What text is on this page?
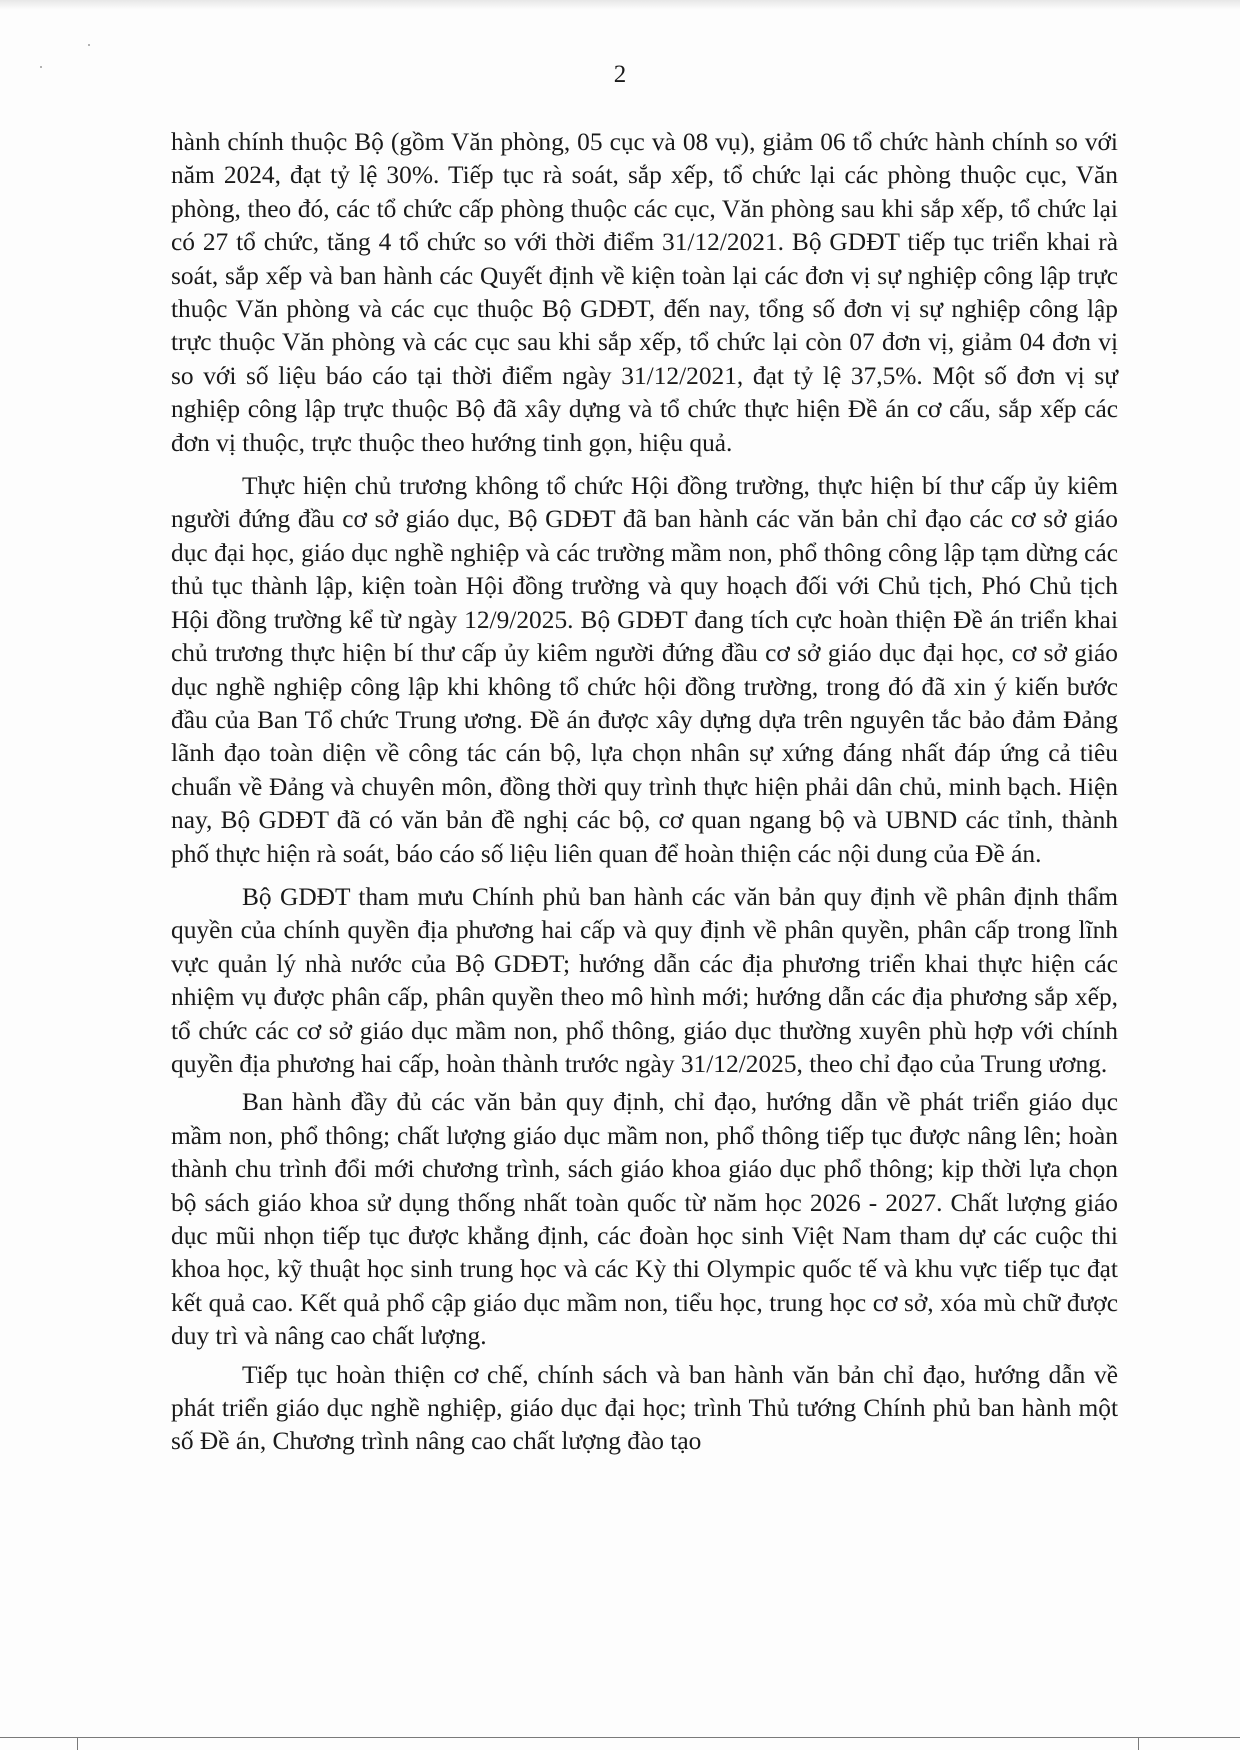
2

hành chính thuộc Bộ (gồm Văn phòng, 05 cục và 08 vụ), giảm 06 tổ chức hành chính so với năm 2024, đạt tỷ lệ 30%. Tiếp tục rà soát, sắp xếp, tổ chức lại các phòng thuộc cục, Văn phòng, theo đó, các tổ chức cấp phòng thuộc các cục, Văn phòng sau khi sắp xếp, tổ chức lại có 27 tổ chức, tăng 4 tổ chức so với thời điểm 31/12/2021. Bộ GDĐT tiếp tục triển khai rà soát, sắp xếp và ban hành các Quyết định về kiện toàn lại các đơn vị sự nghiệp công lập trực thuộc Văn phòng và các cục thuộc Bộ GDĐT, đến nay, tổng số đơn vị sự nghiệp công lập trực thuộc Văn phòng và các cục sau khi sắp xếp, tổ chức lại còn 07 đơn vị, giảm 04 đơn vị so với số liệu báo cáo tại thời điểm ngày 31/12/2021, đạt tỷ lệ 37,5%. Một số đơn vị sự nghiệp công lập trực thuộc Bộ đã xây dựng và tổ chức thực hiện Đề án cơ cấu, sắp xếp các đơn vị thuộc, trực thuộc theo hướng tinh gọn, hiệu quả.

Thực hiện chủ trương không tổ chức Hội đồng trường, thực hiện bí thư cấp ủy kiêm người đứng đầu cơ sở giáo dục, Bộ GDĐT đã ban hành các văn bản chỉ đạo các cơ sở giáo dục đại học, giáo dục nghề nghiệp và các trường mầm non, phổ thông công lập tạm dừng các thủ tục thành lập, kiện toàn Hội đồng trường và quy hoạch đối với Chủ tịch, Phó Chủ tịch Hội đồng trường kể từ ngày 12/9/2025. Bộ GDĐT đang tích cực hoàn thiện Đề án triển khai chủ trương thực hiện bí thư cấp ủy kiêm người đứng đầu cơ sở giáo dục đại học, cơ sở giáo dục nghề nghiệp công lập khi không tổ chức hội đồng trường, trong đó đã xin ý kiến bước đầu của Ban Tổ chức Trung ương. Đề án được xây dựng dựa trên nguyên tắc bảo đảm Đảng lãnh đạo toàn diện về công tác cán bộ, lựa chọn nhân sự xứng đáng nhất đáp ứng cả tiêu chuẩn về Đảng và chuyên môn, đồng thời quy trình thực hiện phải dân chủ, minh bạch. Hiện nay, Bộ GDĐT đã có văn bản đề nghị các bộ, cơ quan ngang bộ và UBND các tỉnh, thành phố thực hiện rà soát, báo cáo số liệu liên quan để hoàn thiện các nội dung của Đề án.

Bộ GDĐT tham mưu Chính phủ ban hành các văn bản quy định về phân định thẩm quyền của chính quyền địa phương hai cấp và quy định về phân quyền, phân cấp trong lĩnh vực quản lý nhà nước của Bộ GDĐT; hướng dẫn các địa phương triển khai thực hiện các nhiệm vụ được phân cấp, phân quyền theo mô hình mới; hướng dẫn các địa phương sắp xếp, tổ chức các cơ sở giáo dục mầm non, phổ thông, giáo dục thường xuyên phù hợp với chính quyền địa phương hai cấp, hoàn thành trước ngày 31/12/2025, theo chỉ đạo của Trung ương.

Ban hành đầy đủ các văn bản quy định, chỉ đạo, hướng dẫn về phát triển giáo dục mầm non, phổ thông; chất lượng giáo dục mầm non, phổ thông tiếp tục được nâng lên; hoàn thành chu trình đổi mới chương trình, sách giáo khoa giáo dục phổ thông; kịp thời lựa chọn bộ sách giáo khoa sử dụng thống nhất toàn quốc từ năm học 2026 - 2027. Chất lượng giáo dục mũi nhọn tiếp tục được khẳng định, các đoàn học sinh Việt Nam tham dự các cuộc thi khoa học, kỹ thuật học sinh trung học và các Kỳ thi Olympic quốc tế và khu vực tiếp tục đạt kết quả cao. Kết quả phổ cập giáo dục mầm non, tiểu học, trung học cơ sở, xóa mù chữ được duy trì và nâng cao chất lượng.

Tiếp tục hoàn thiện cơ chế, chính sách và ban hành văn bản chỉ đạo, hướng dẫn về phát triển giáo dục nghề nghiệp, giáo dục đại học; trình Thủ tướng Chính phủ ban hành một số Đề án, Chương trình nâng cao chất lượng đào tạo
